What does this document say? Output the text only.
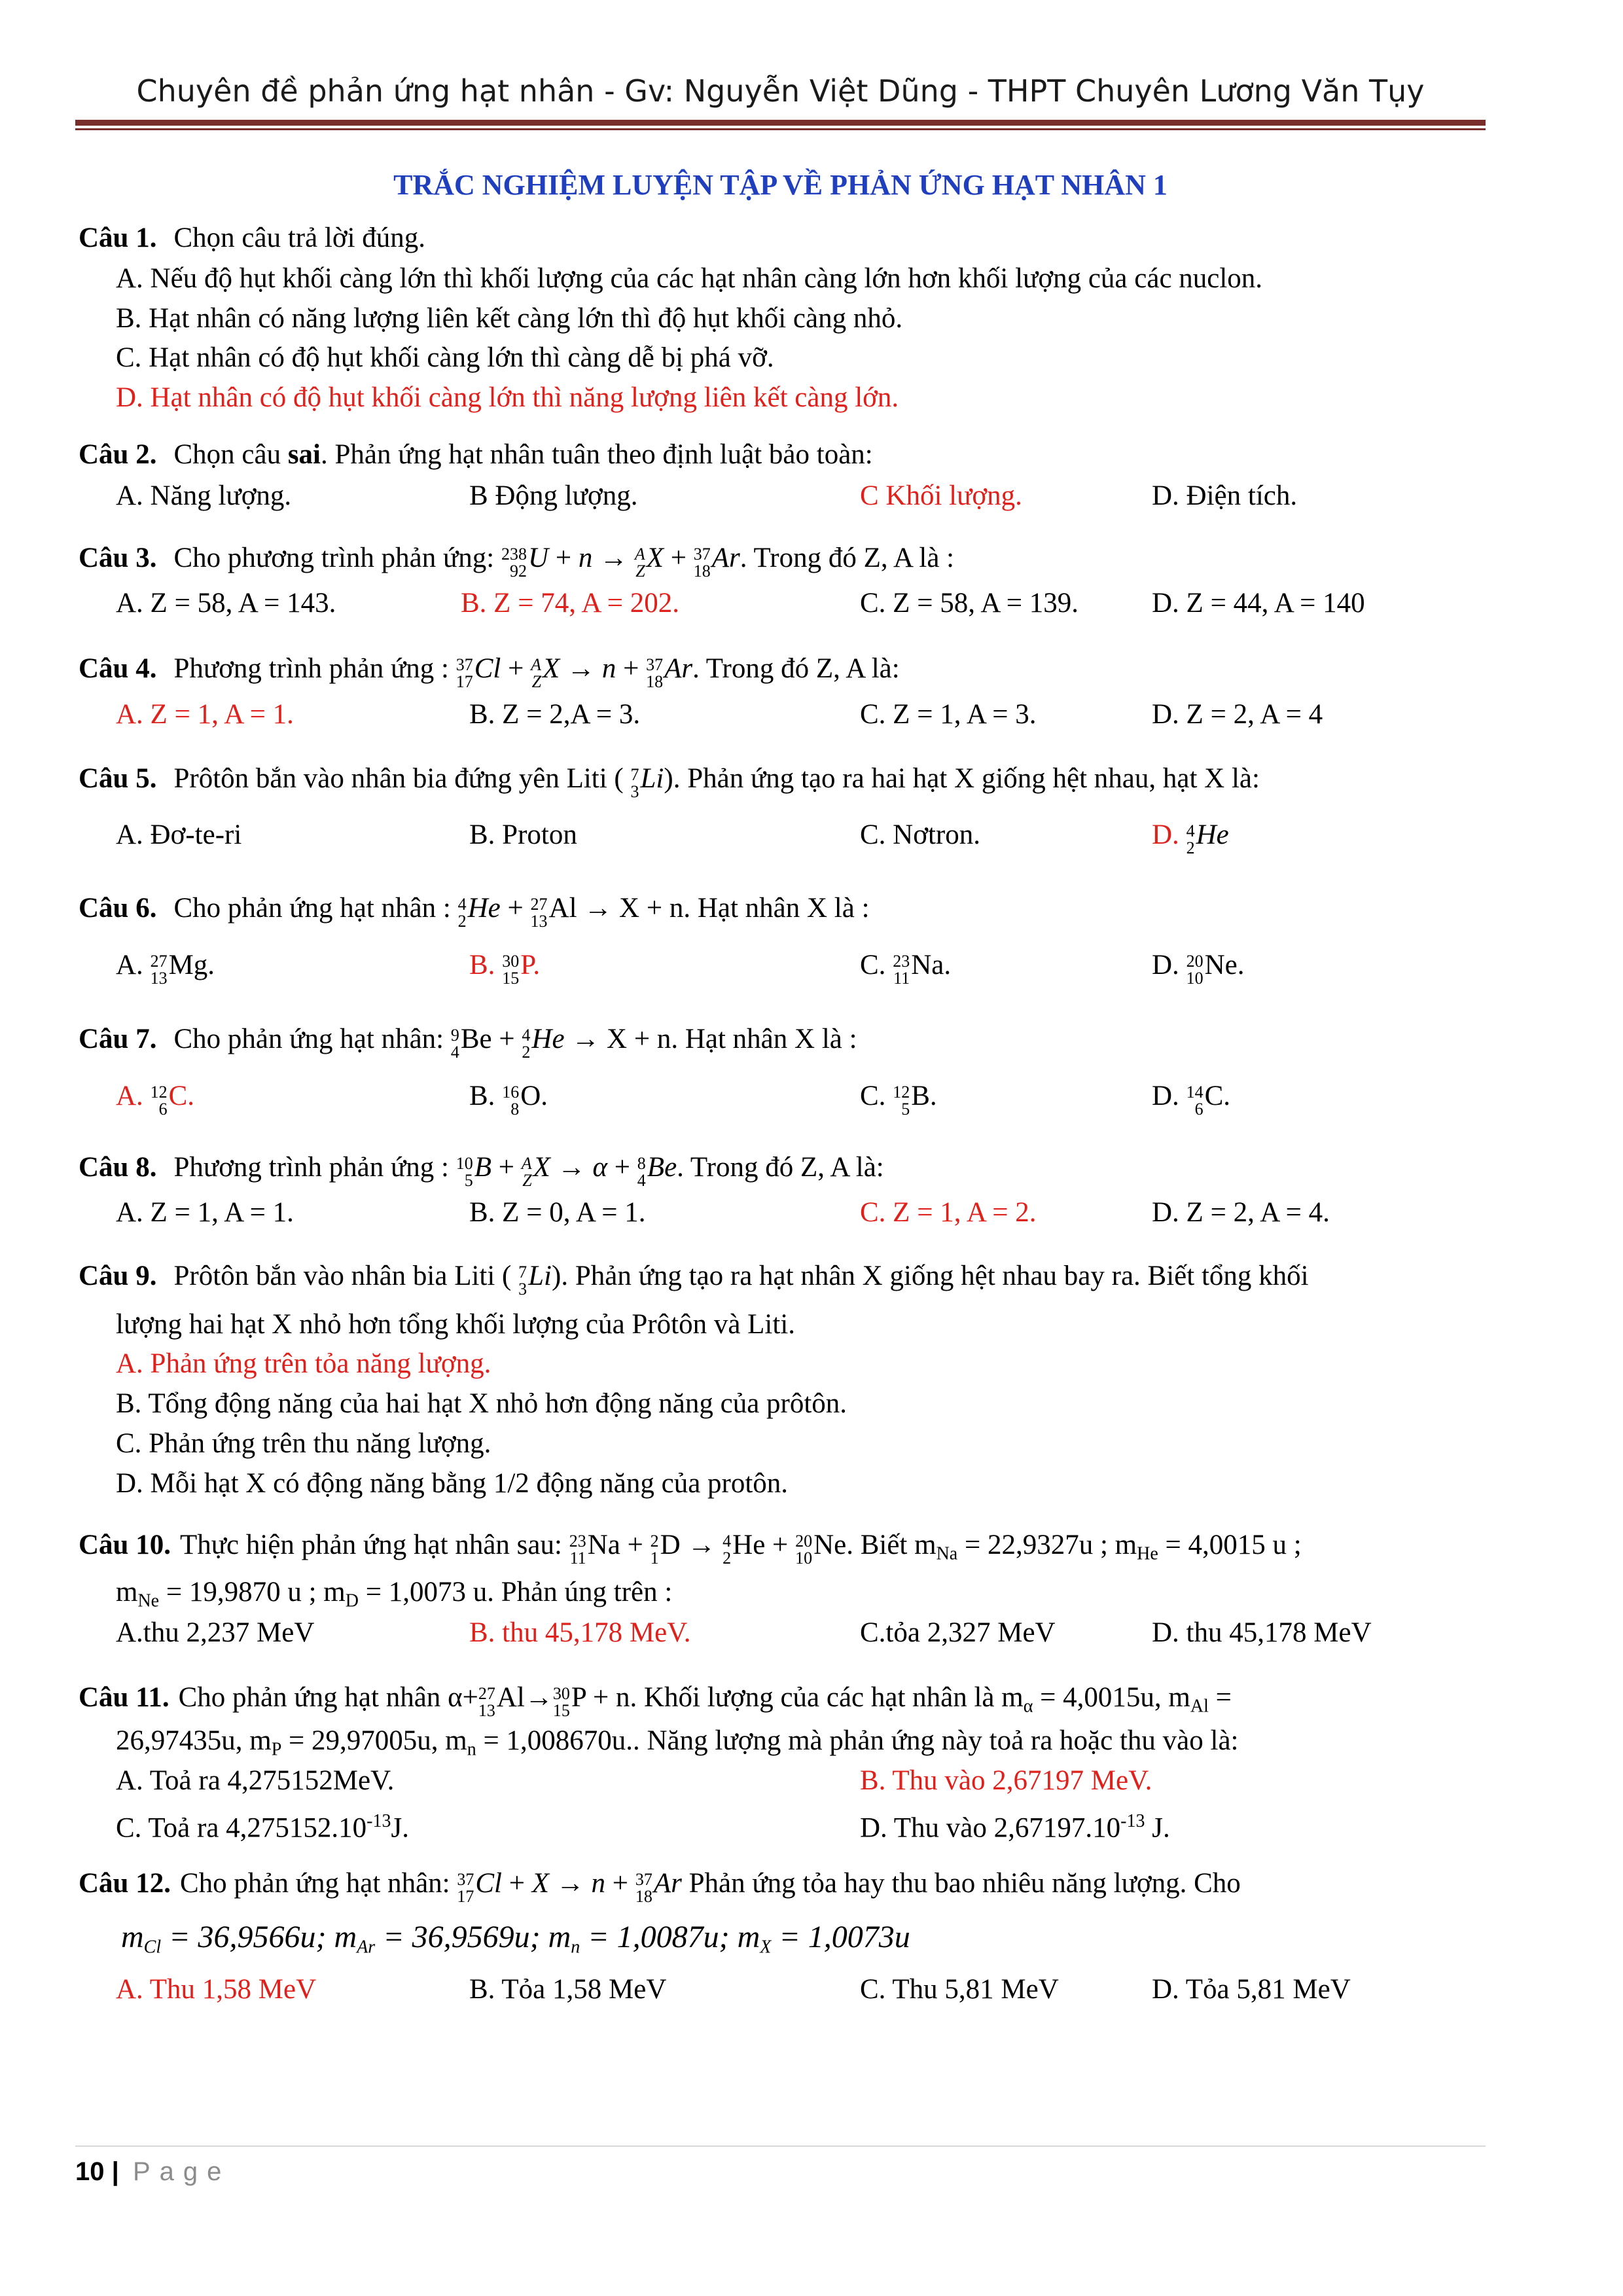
Chuyên đề phản ứng hạt nhân - Gv: Nguyễn Việt Dũng - THPT Chuyên Lương Văn Tụy
TRẮC NGHIỆM LUYỆN TẬP VỀ PHẢN ỨNG HẠT NHÂN 1
Câu 1. Chọn câu trả lời đúng.
A. Nếu độ hụt khối càng lớn thì khối lượng của các hạt nhân càng lớn hơn khối lượng của các nuclon.
B. Hạt nhân có năng lượng liên kết càng lớn thì độ hụt khối càng nhỏ.
C. Hạt nhân có độ hụt khối càng lớn thì càng dễ bị phá vỡ.
D. Hạt nhân có độ hụt khối càng lớn thì năng lượng liên kết càng lớn.
Câu 2. Chọn câu sai. Phản ứng hạt nhân tuân theo định luật bảo toàn:
A. Năng lượng.	B Động lượng.	C Khối lượng.	D. Điện tích.
Câu 3. Cho phương trình phản ứng: 238
92 U + n → A
Z X + 37
18 Ar. Trong đó Z, A là :
A. Z = 58, A = 143.	B. Z = 74, A = 202.	C. Z = 58, A = 139.	D. Z = 44, A = 140
Câu 4. Phương trình phản ứng : 37
17 Cl + A
Z X → n + 37
18 Ar. Trong đó Z, A là:
A. Z = 1, A = 1.	B. Z = 2,A = 3.	C. Z = 1, A = 3.	D. Z = 2, A = 4
Câu 5. Prôtôn bắn vào nhân bia đứng yên Liti ( 7
3 Li). Phản ứng tạo ra hai hạt X giống hệt nhau, hạt X là:
A. Đơ-te-ri	B. Proton	C. Nơtron.	D. 4
2 He
Câu 6. Cho phản ứng hạt nhân : 4
2 He + 27
13 Al → X + n. Hạt nhân X là :
A. 27
13 Mg.	B. 30
15 P.	C. 23
11 Na.	D. 20
10 Ne.
Câu 7. Cho phản ứng hạt nhân: 9
4 Be + 4
2 He → X + n. Hạt nhân X là :
A. 12
6 C.	B. 16
8 O.	C. 12
5 B.	D. 14
6 C.
Câu 8. Phương trình phản ứng : 10
5 B + A
Z X → α + 8
4 Be. Trong đó Z, A là:
A. Z = 1, A = 1.	B. Z = 0, A = 1.	C. Z = 1, A = 2.	D. Z = 2, A = 4.
Câu 9. Prôtôn bắn vào nhân bia Liti ( 7
3 Li). Phản ứng tạo ra hạt nhân X giống hệt nhau bay ra. Biết tổng khối
lượng hai hạt X nhỏ hơn tổng khối lượng của Prôtôn và Liti.
A. Phản ứng trên tỏa năng lượng.
B. Tổng động năng của hai hạt X nhỏ hơn động năng của prôtôn.
C. Phản ứng trên thu năng lượng.
D. Mỗi hạt X có động năng bằng 1/2 động năng của protôn.
Câu 10. Thực hiện phản ứng hạt nhân sau: 23
11 Na + 2
1 D → 4
2 He + 20
10 Ne. Biết $m_{Na} = 22,9327u$ ; $m_{He} = 4,0015$ u ;
$m_{Ne} = 19,9870$ u ; $m_D = 1,0073$ u. Phản úng trên :
A.thu 2,237 MeV	B. thu 45,178 MeV.	C.tỏa 2,327 MeV	D. thu 45,178 MeV
Câu 11. Cho phản ứng hạt nhân α+ 27
13 Al→ 30
15 P + n. Khối lượng của các hạt nhân là $m_\alpha = 4,0015u$, $m_{Al}$ =
26,97435u, $m_P = 29,97005u$, $m_n = 1,008670u$.. Năng lượng mà phản ứng này toả ra hoặc thu vào là:
A. Toả ra 4,275152MeV.	B. Thu vào 2,67197 MeV.
C. Toả ra $4,275152.10^{-13}J$.	D. Thu vào $2,67197.10^{-13}$ J.
Câu 12. Cho phản ứng hạt nhân: 37
17 Cl + X → n + 37
18 Ar Phản ứng tỏa hay thu bao nhiêu năng lượng. Cho
$m_{Cl} = 36,9566u$; $m_{Ar} = 36,9569u$; $m_n = 1,0087u$; $m_X = 1,0073u$
A. Thu 1,58 MeV	B. Tỏa 1,58 MeV	C. Thu 5,81 MeV	D. Tỏa 5,81 MeV
10 | Page
